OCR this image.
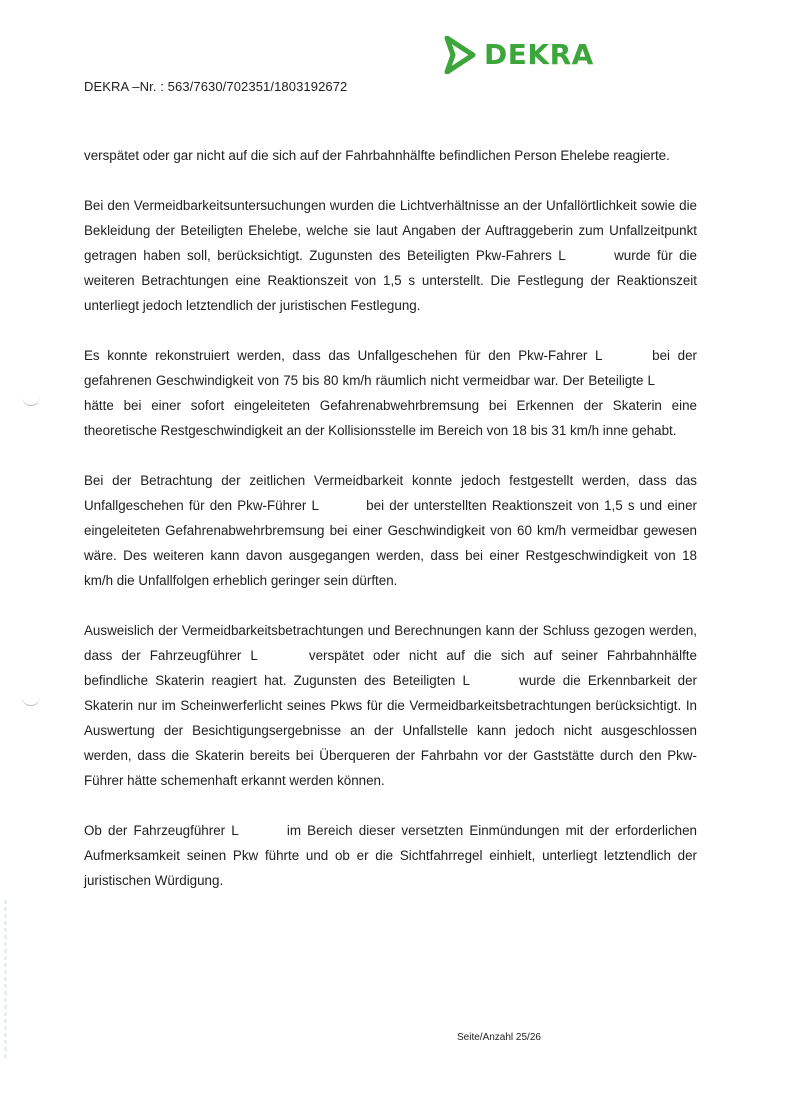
DEKRA
DEKRA –Nr. : 563/7630/702351/1803192672

verspätet oder gar nicht auf die sich auf der Fahrbahnhälfte befindlichen Person Ehelebe reagierte.

Bei den Vermeidbarkeitsuntersuchungen wurden die Lichtverhältnisse an der Unfallörtlichkeit sowie die Bekleidung der Beteiligten Ehelebe, welche sie laut Angaben der Auftraggeberin zum Unfallzeitpunkt getragen haben soll, berücksichtigt. Zugunsten des Beteiligten Pkw-Fahrers L	wurde für die weiteren Betrachtungen eine Reaktionszeit von 1,5 s unterstellt. Die Festlegung der Reaktionszeit unterliegt jedoch letztendlich der juristischen Festlegung.

Es konnte rekonstruiert werden, dass das Unfallgeschehen für den Pkw-Fahrer L	bei der gefahrenen Geschwindigkeit von 75 bis 80 km/h räumlich nicht vermeidbar war. Der Beteiligte L hätte bei einer sofort eingeleiteten Gefahrenabwehrbremsung bei Erkennen der Skaterin eine theoretische Restgeschwindigkeit an der Kollisionsstelle im Bereich von 18 bis 31 km/h inne gehabt.

Bei der Betrachtung der zeitlichen Vermeidbarkeit konnte jedoch festgestellt werden, dass das Unfallgeschehen für den Pkw-Führer L	bei der unterstellten Reaktionszeit von 1,5 s und einer eingeleiteten Gefahrenabwehrbremsung bei einer Geschwindigkeit von 60 km/h vermeidbar gewesen wäre. Des weiteren kann davon ausgegangen werden, dass bei einer Restgeschwindigkeit von 18 km/h die Unfallfolgen erheblich geringer sein dürften.

Ausweislich der Vermeidbarkeitsbetrachtungen und Berechnungen kann der Schluss gezogen werden, dass der Fahrzeugführer L	verspätet oder nicht auf die sich auf seiner Fahrbahnhälfte befindliche Skaterin reagiert hat. Zugunsten des Beteiligten L	wurde die Erkennbarkeit der Skaterin nur im Scheinwerferlicht seines Pkws für die Vermeidbarkeitsbetrachtungen berücksichtigt. In Auswertung der Besichtigungsergebnisse an der Unfallstelle kann jedoch nicht ausgeschlossen werden, dass die Skaterin bereits bei Überqueren der Fahrbahn vor der Gaststätte durch den Pkw-Führer hätte schemenhaft erkannt werden können.

Ob der Fahrzeugführer L	im Bereich dieser versetzten Einmündungen mit der erforderlichen Aufmerksamkeit seinen Pkw führte und ob er die Sichtfahrregel einhielt, unterliegt letztendlich der juristischen Würdigung.

Seite/Anzahl 25/26
